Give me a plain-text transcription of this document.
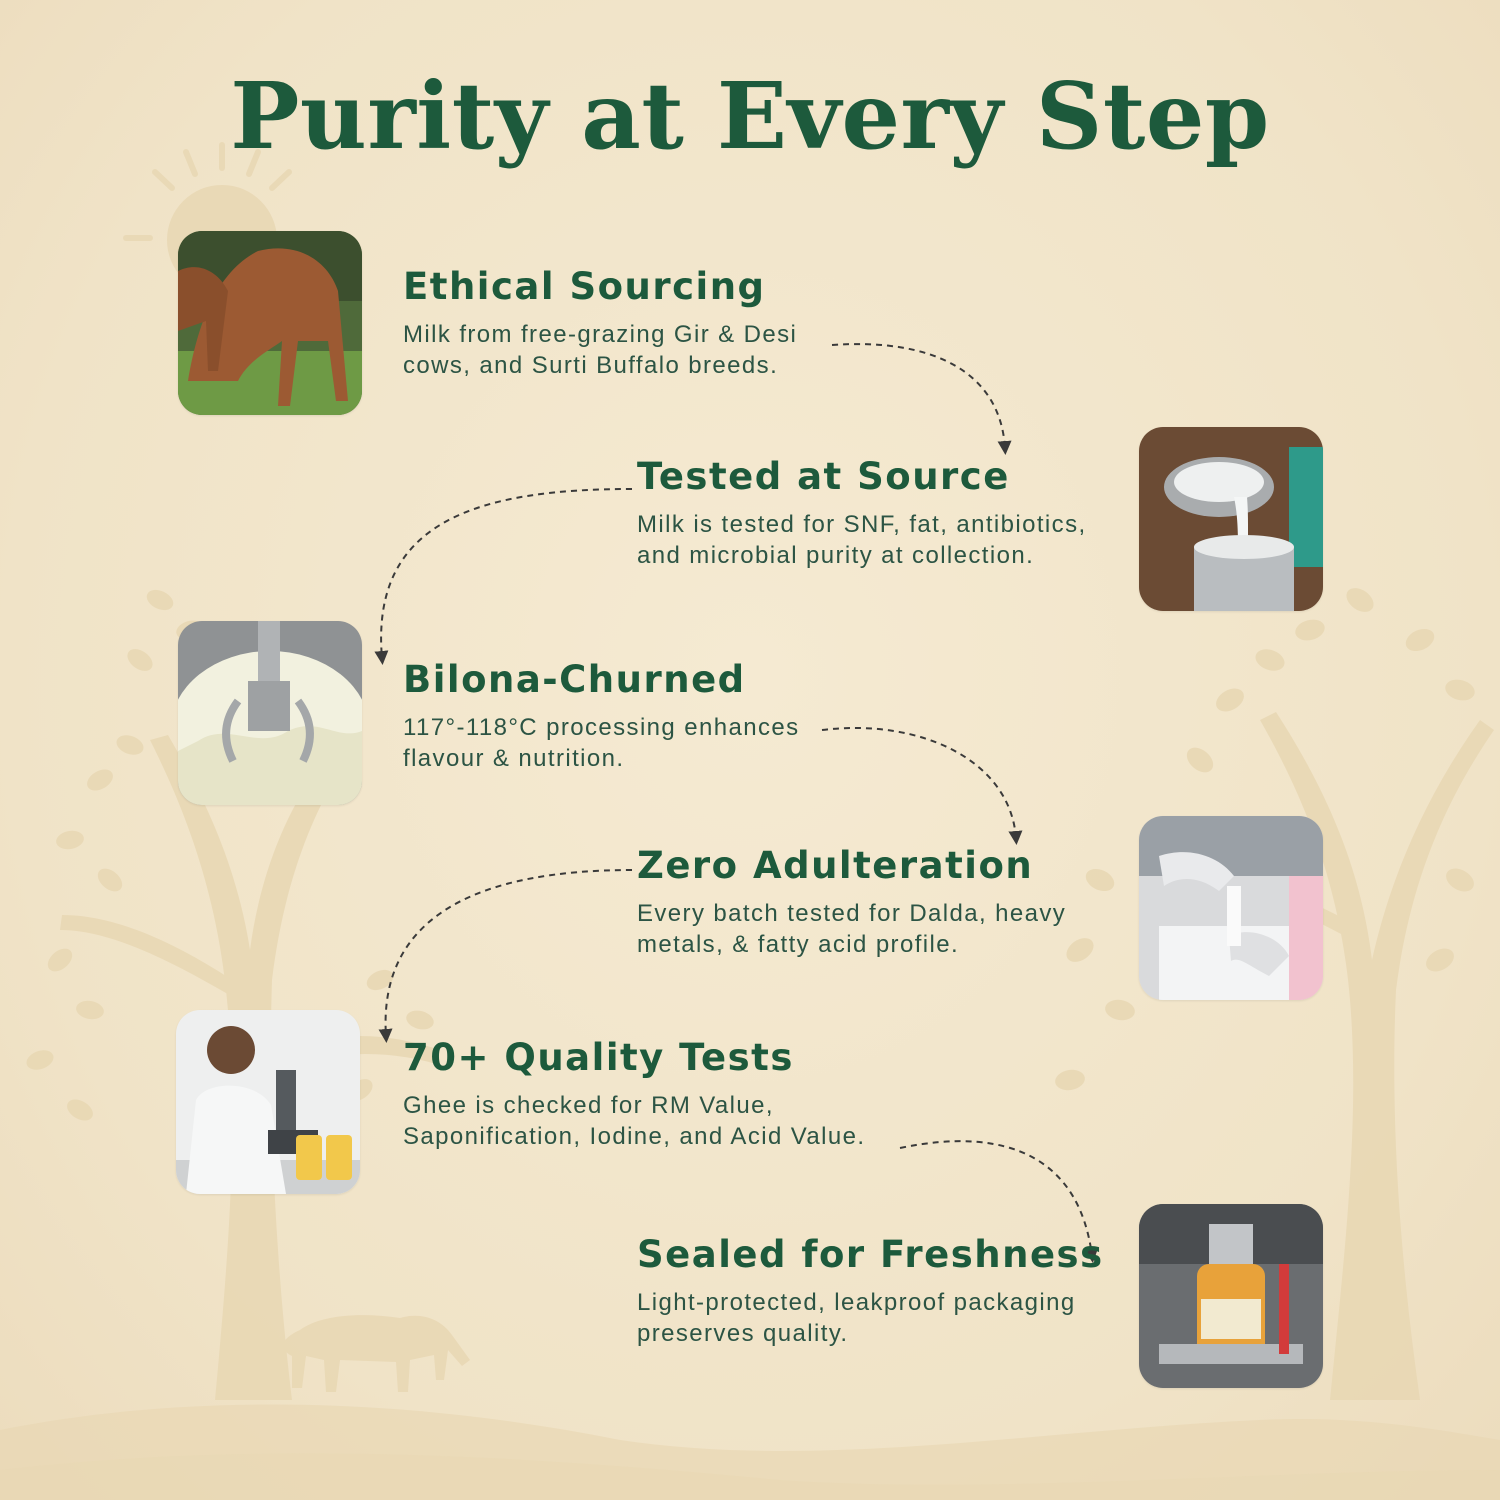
Purity at Every Step
Ethical Sourcing

Milk from free-grazing Gir & Desi
cows, and Surti Buffalo breeds.

Tested at Source

Milk is tested for SNF, fat, antibiotics,
and microbial purity at collection.

Bilona-Churned

117°-118°C processing enhances
flavour & nutrition.

Zero Adulteration

Every batch tested for Dalda, heavy
metals, & fatty acid profile.

70+ Quality Tests

Ghee is checked for RM Value,
Saponification, Iodine, and Acid Value.

Sealed for Freshness

Light-protected, leakproof packaging
preserves quality.
